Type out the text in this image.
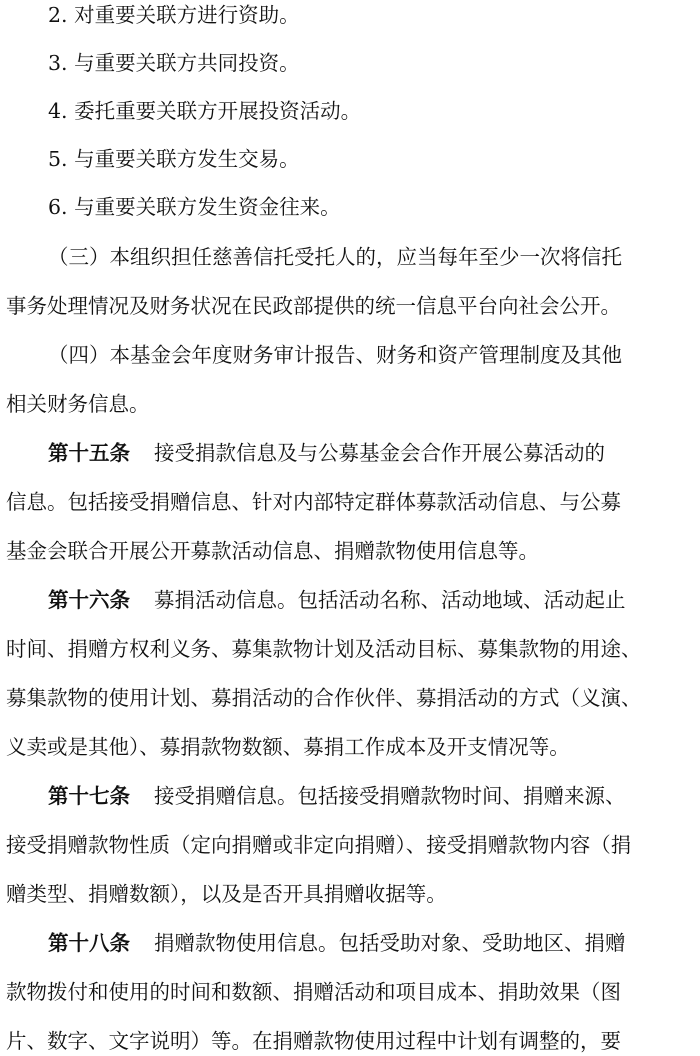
2. 对重要关联方进行资助。
3. 与重要关联方共同投资。
4. 委托重要关联方开展投资活动。
5. 与重要关联方发生交易。
6. 与重要关联方发生资金往来。
（三）本组织担任慈善信托受托人的，应当每年至少一次将信托
事务处理情况及财务状况在民政部提供的统一信息平台向社会公开。
（四）本基金会年度财务审计报告、财务和资产管理制度及其他
相关财务信息。
第十五条 接受捐款信息及与公募基金会合作开展公募活动的
信息。包括接受捐赠信息、针对内部特定群体募款活动信息、与公募
基金会联合开展公开募款活动信息、捐赠款物使用信息等。
第十六条 募捐活动信息。包括活动名称、活动地域、活动起止
时间、捐赠方权利义务、募集款物计划及活动目标、募集款物的用途、
募集款物的使用计划、募捐活动的合作伙伴、募捐活动的方式（义演、
义卖或是其他）、募捐款物数额、募捐工作成本及开支情况等。
第十七条 接受捐赠信息。包括接受捐赠款物时间、捐赠来源、
接受捐赠款物性质（定向捐赠或非定向捐赠）、接受捐赠款物内容（捐
赠类型、捐赠数额），以及是否开具捐赠收据等。
第十八条 捐赠款物使用信息。包括受助对象、受助地区、捐赠
款物拨付和使用的时间和数额、捐赠活动和项目成本、捐助效果（图
片、数字、文字说明）等。在捐赠款物使用过程中计划有调整的，要
